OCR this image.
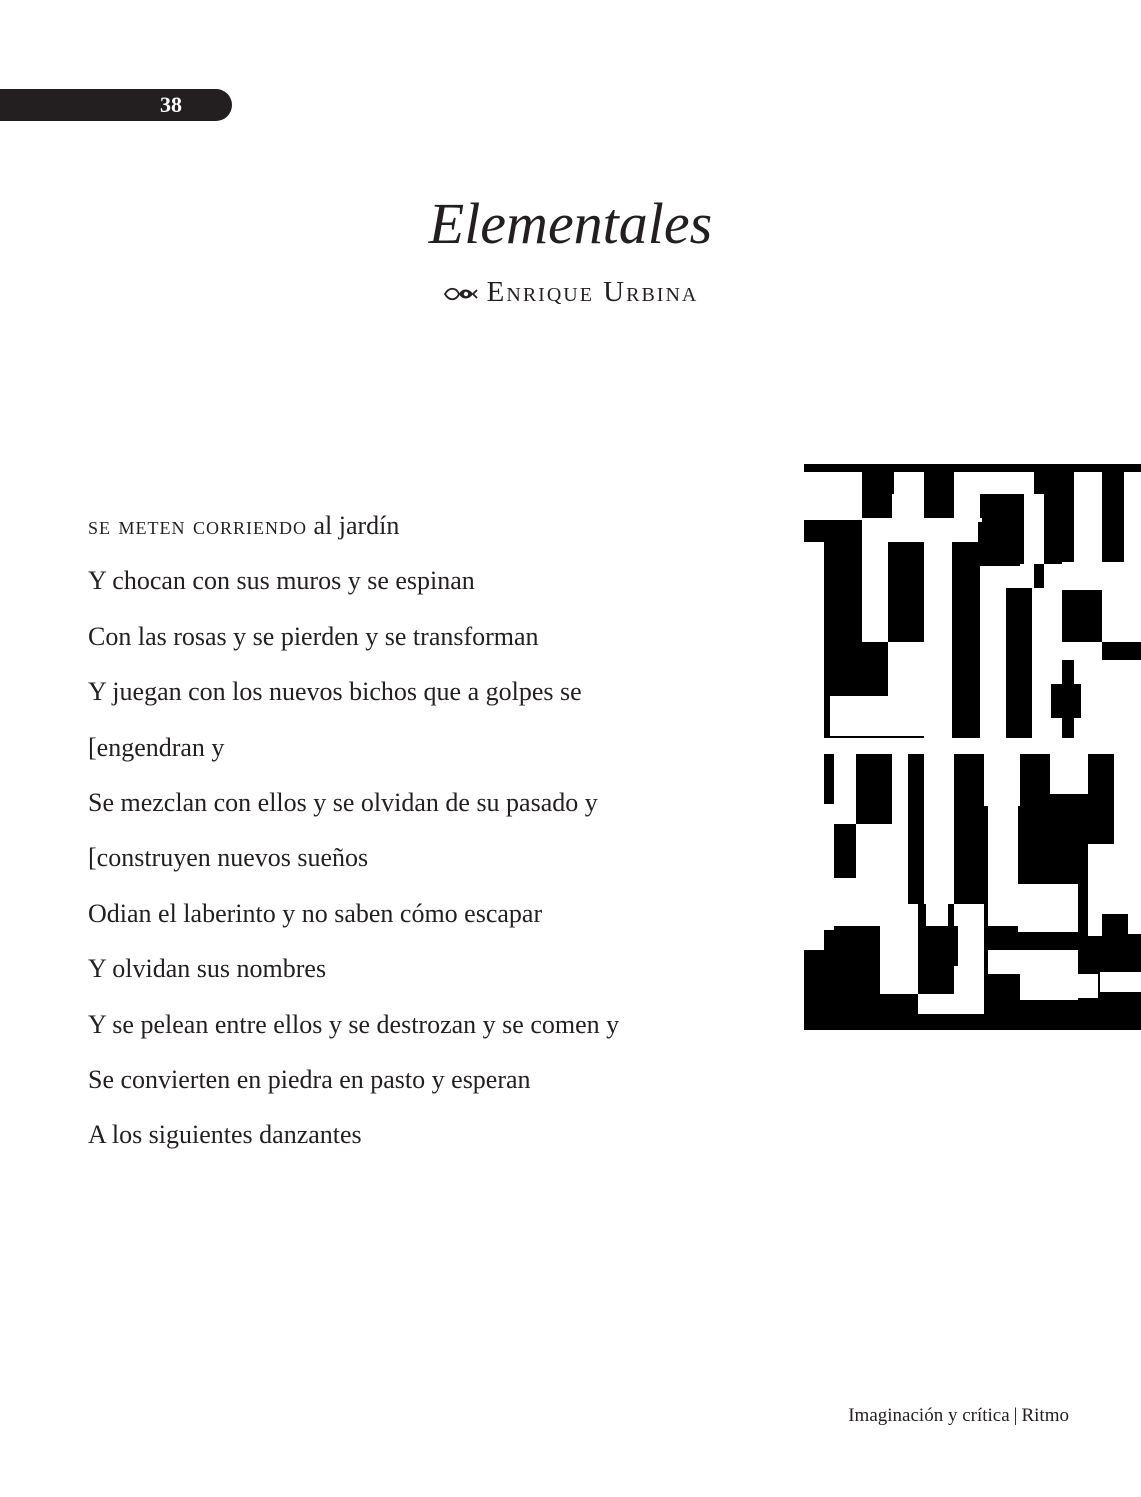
38
Elementales
Enrique Urbina
se meten corriendo al jardín
Y chocan con sus muros y se espinan
Con las rosas y se pierden y se transforman
Y juegan con los nuevos bichos que a golpes se
[engendran y
Se mezclan con ellos y se olvidan de su pasado y
[construyen nuevos sueños
Odian el laberinto y no saben cómo escapar
Y olvidan sus nombres
Y se pelean entre ellos y se destrozan y se comen y
Se convierten en piedra en pasto y esperan
A los siguientes danzantes
Imaginación y crítica | Ritmo
